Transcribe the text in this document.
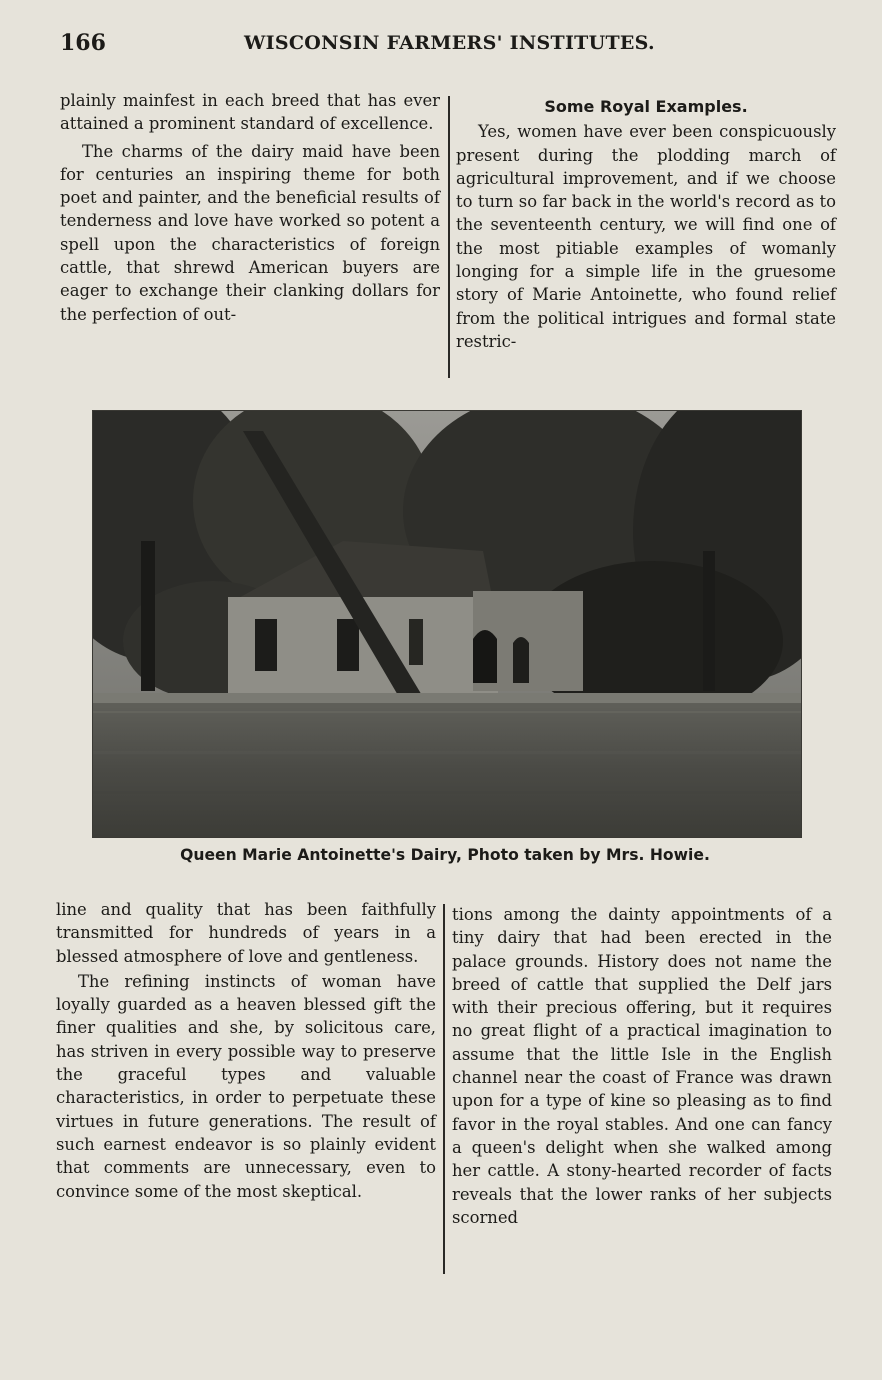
166	WISCONSIN FARMERS' INSTITUTES.

plainly mainfest in each breed that has ever attained a prominent standard of excellence.

The charms of the dairy maid have been for centuries an inspiring theme for both poet and painter, and the beneficial results of tenderness and love have worked so potent a spell upon the characteristics of foreign cattle, that shrewd American buyers are eager to exchange their clanking dollars for the perfection of out-

Some Royal Examples.

Yes, women have ever been conspicuously present during the plodding march of agricultural improvement, and if we choose to turn so far back in the world's record as to the seventeenth century, we will find one of the most pitiable examples of womanly longing for a simple life in the gruesome story of Marie Antoinette, who found relief from the political intrigues and formal state restric-

Queen Marie Antoinette's Dairy, Photo taken by Mrs. Howie.

line and quality that has been faithfully transmitted for hundreds of years in a blessed atmosphere of love and gentleness.

The refining instincts of woman have loyally guarded as a heaven blessed gift the finer qualities and she, by solicitous care, has striven in every possible way to preserve the graceful types and valuable characteristics, in order to perpetuate these virtues in future generations. The result of such earnest endeavor is so plainly evident that comments are unnecessary, even to convince some of the most skeptical.

tions among the dainty appointments of a tiny dairy that had been erected in the palace grounds. History does not name the breed of cattle that supplied the Delf jars with their precious offering, but it requires no great flight of a practical imagination to assume that the little Isle in the English channel near the coast of France was drawn upon for a type of kine so pleasing as to find favor in the royal stables. And one can fancy a queen's delight when she walked among her cattle. A stony-hearted recorder of facts reveals that the lower ranks of her subjects scorned
